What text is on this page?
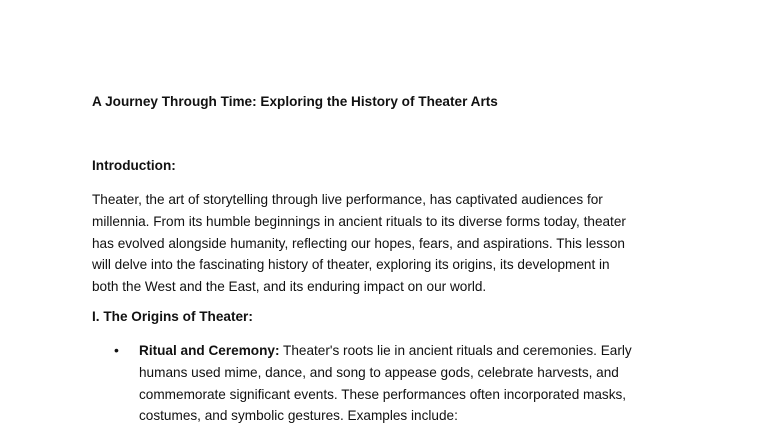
A Journey Through Time: Exploring the History of Theater Arts
Introduction:
Theater, the art of storytelling through live performance, has captivated audiences for
millennia. From its humble beginnings in ancient rituals to its diverse forms today, theater
has evolved alongside humanity, reflecting our hopes, fears, and aspirations. This lesson
will delve into the fascinating history of theater, exploring its origins, its development in
both the West and the East, and its enduring impact on our world.
I. The Origins of Theater:
• Ritual and Ceremony: Theater's roots lie in ancient rituals and ceremonies. Early
humans used mime, dance, and song to appease gods, celebrate harvests, and
commemorate significant events. These performances often incorporated masks,
costumes, and symbolic gestures. Examples include:
